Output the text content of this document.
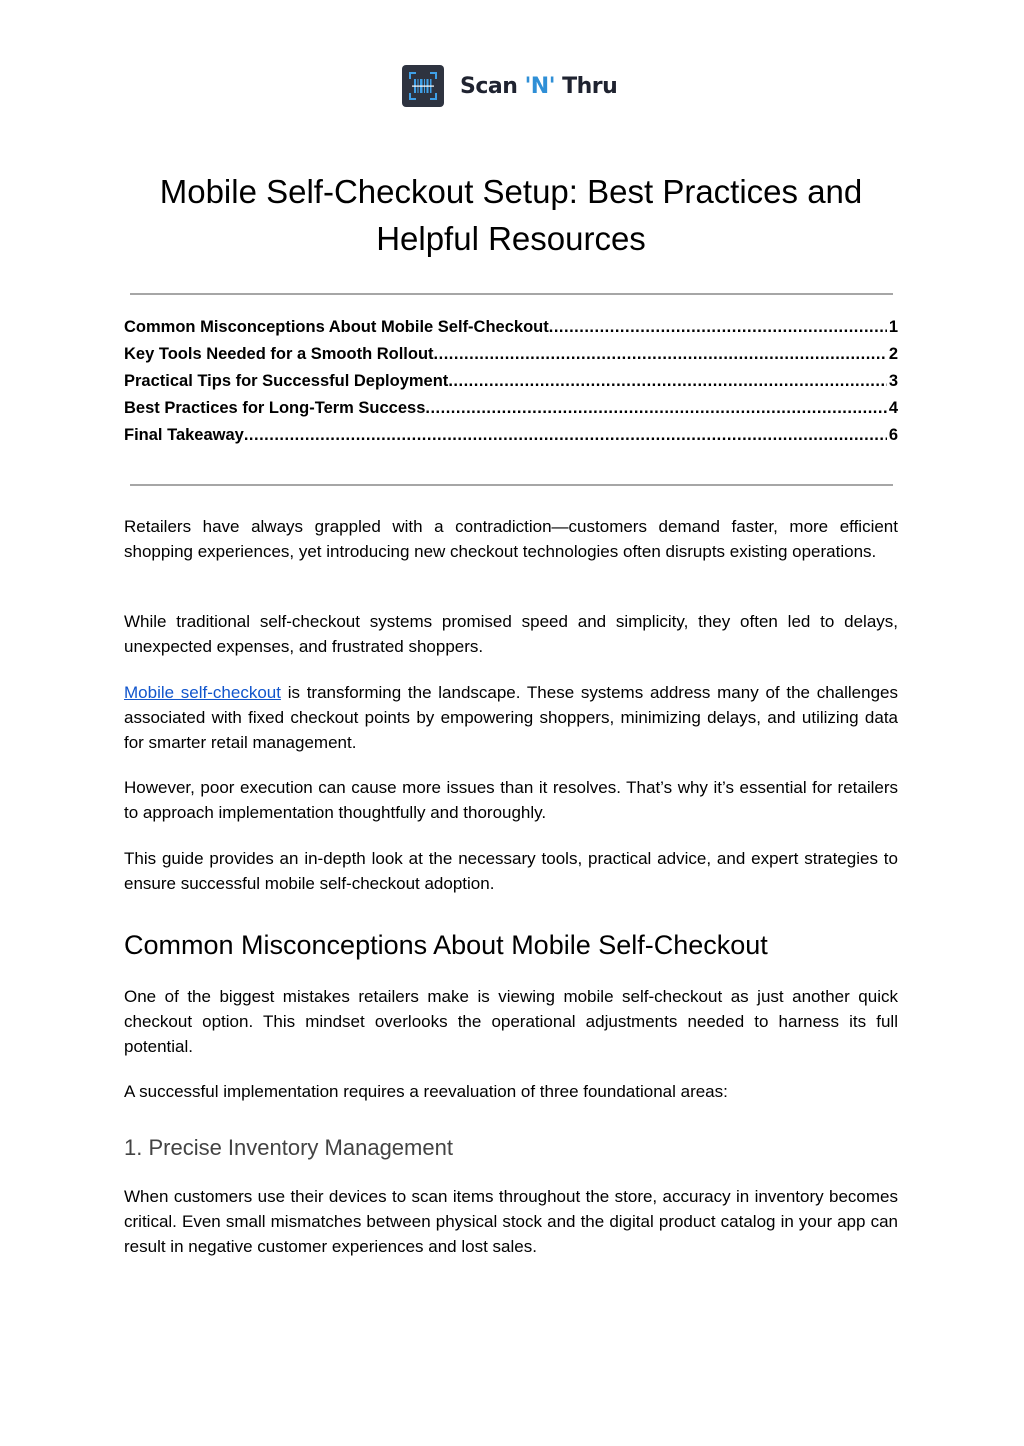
Scan 'N' Thru
Mobile Self-Checkout Setup: Best Practices and Helpful Resources
Common Misconceptions About Mobile Self-Checkout .....	1
Key Tools Needed for a Smooth Rollout .....	2
Practical Tips for Successful Deployment .....	3
Best Practices for Long-Term Success .....	4
Final Takeaway .....	6

Retailers have always grappled with a contradiction—customers demand faster, more efficient shopping experiences, yet introducing new checkout technologies often disrupts existing operations.

While traditional self-checkout systems promised speed and simplicity, they often led to delays, unexpected expenses, and frustrated shoppers.

Mobile self-checkout is transforming the landscape. These systems address many of the challenges associated with fixed checkout points by empowering shoppers, minimizing delays, and utilizing data for smarter retail management.

However, poor execution can cause more issues than it resolves. That’s why it’s essential for retailers to approach implementation thoughtfully and thoroughly.

This guide provides an in-depth look at the necessary tools, practical advice, and expert strategies to ensure successful mobile self-checkout adoption.

Common Misconceptions About Mobile Self-Checkout

One of the biggest mistakes retailers make is viewing mobile self-checkout as just another quick checkout option. This mindset overlooks the operational adjustments needed to harness its full potential.

A successful implementation requires a reevaluation of three foundational areas:

1. Precise Inventory Management

When customers use their devices to scan items throughout the store, accuracy in inventory becomes critical. Even small mismatches between physical stock and the digital product catalog in your app can result in negative customer experiences and lost sales.
